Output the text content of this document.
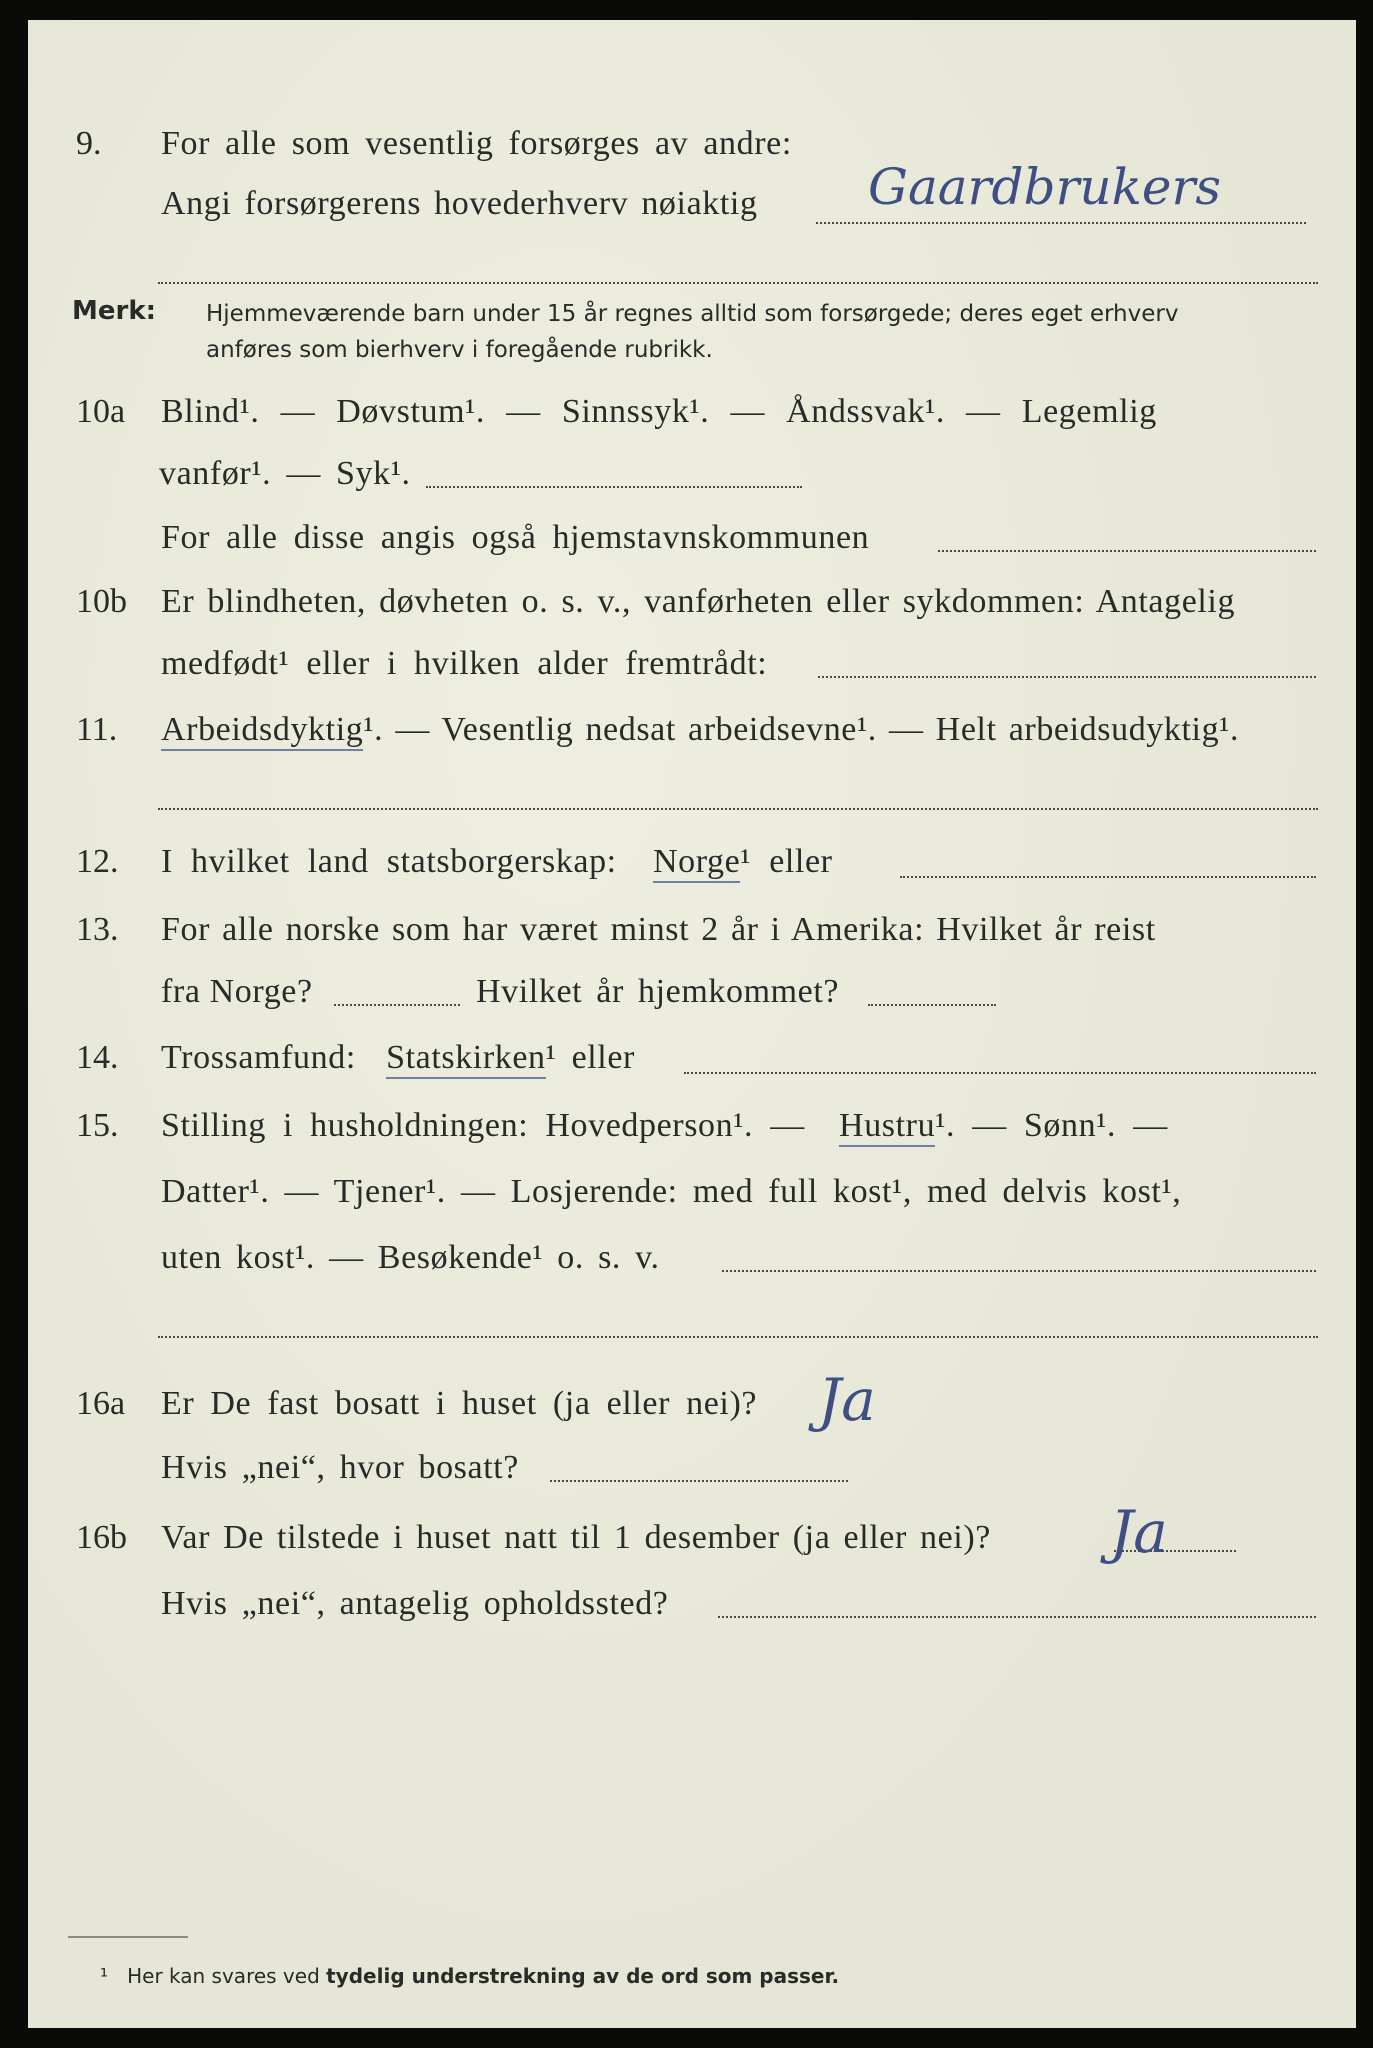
9. For alle som vesentlig forsørges av andre:
Angi forsørgerens hovederhverv nøiaktig Gaardbrukers
Merk: Hjemmeværende barn under 15 år regnes alltid som forsørgede; deres eget erhverv
anføres som bierhverv i foregående rubrikk.
10a Blind¹. — Døvstum¹. — Sinnssyk¹. — Åndssvak¹. — Legemlig
vanfør¹. — Syk¹.
For alle disse angis også hjemstavnskommunen
10b Er blindheten, døvheten o. s. v., vanførheten eller sykdommen: Antagelig
medfødt¹ eller i hvilken alder fremtrådt:
11. Arbeidsdyktig¹. — Vesentlig nedsat arbeidsevne¹. — Helt arbeidsudyktig¹.
12. I hvilket land statsborgerskap: Norge¹ eller
13. For alle norske som har været minst 2 år i Amerika: Hvilket år reist
fra Norge?	Hvilket år hjemkommet?
14. Trossamfund: Statskirken¹ eller
15. Stilling i husholdningen: Hovedperson¹. — Hustru¹. — Sønn¹. —
Datter¹. — Tjener¹. — Losjerende: med full kost¹, med delvis kost¹,
uten kost¹. — Besøkende¹ o. s. v.
16a Er De fast bosatt i huset (ja eller nei)? Ja
Hvis „nei“, hvor bosatt?
16b Var De tilstede i huset natt til 1 desember (ja eller nei)? Ja
Hvis „nei“, antagelig opholdssted?
¹ Her kan svares ved tydelig understrekning av de ord som passer.
